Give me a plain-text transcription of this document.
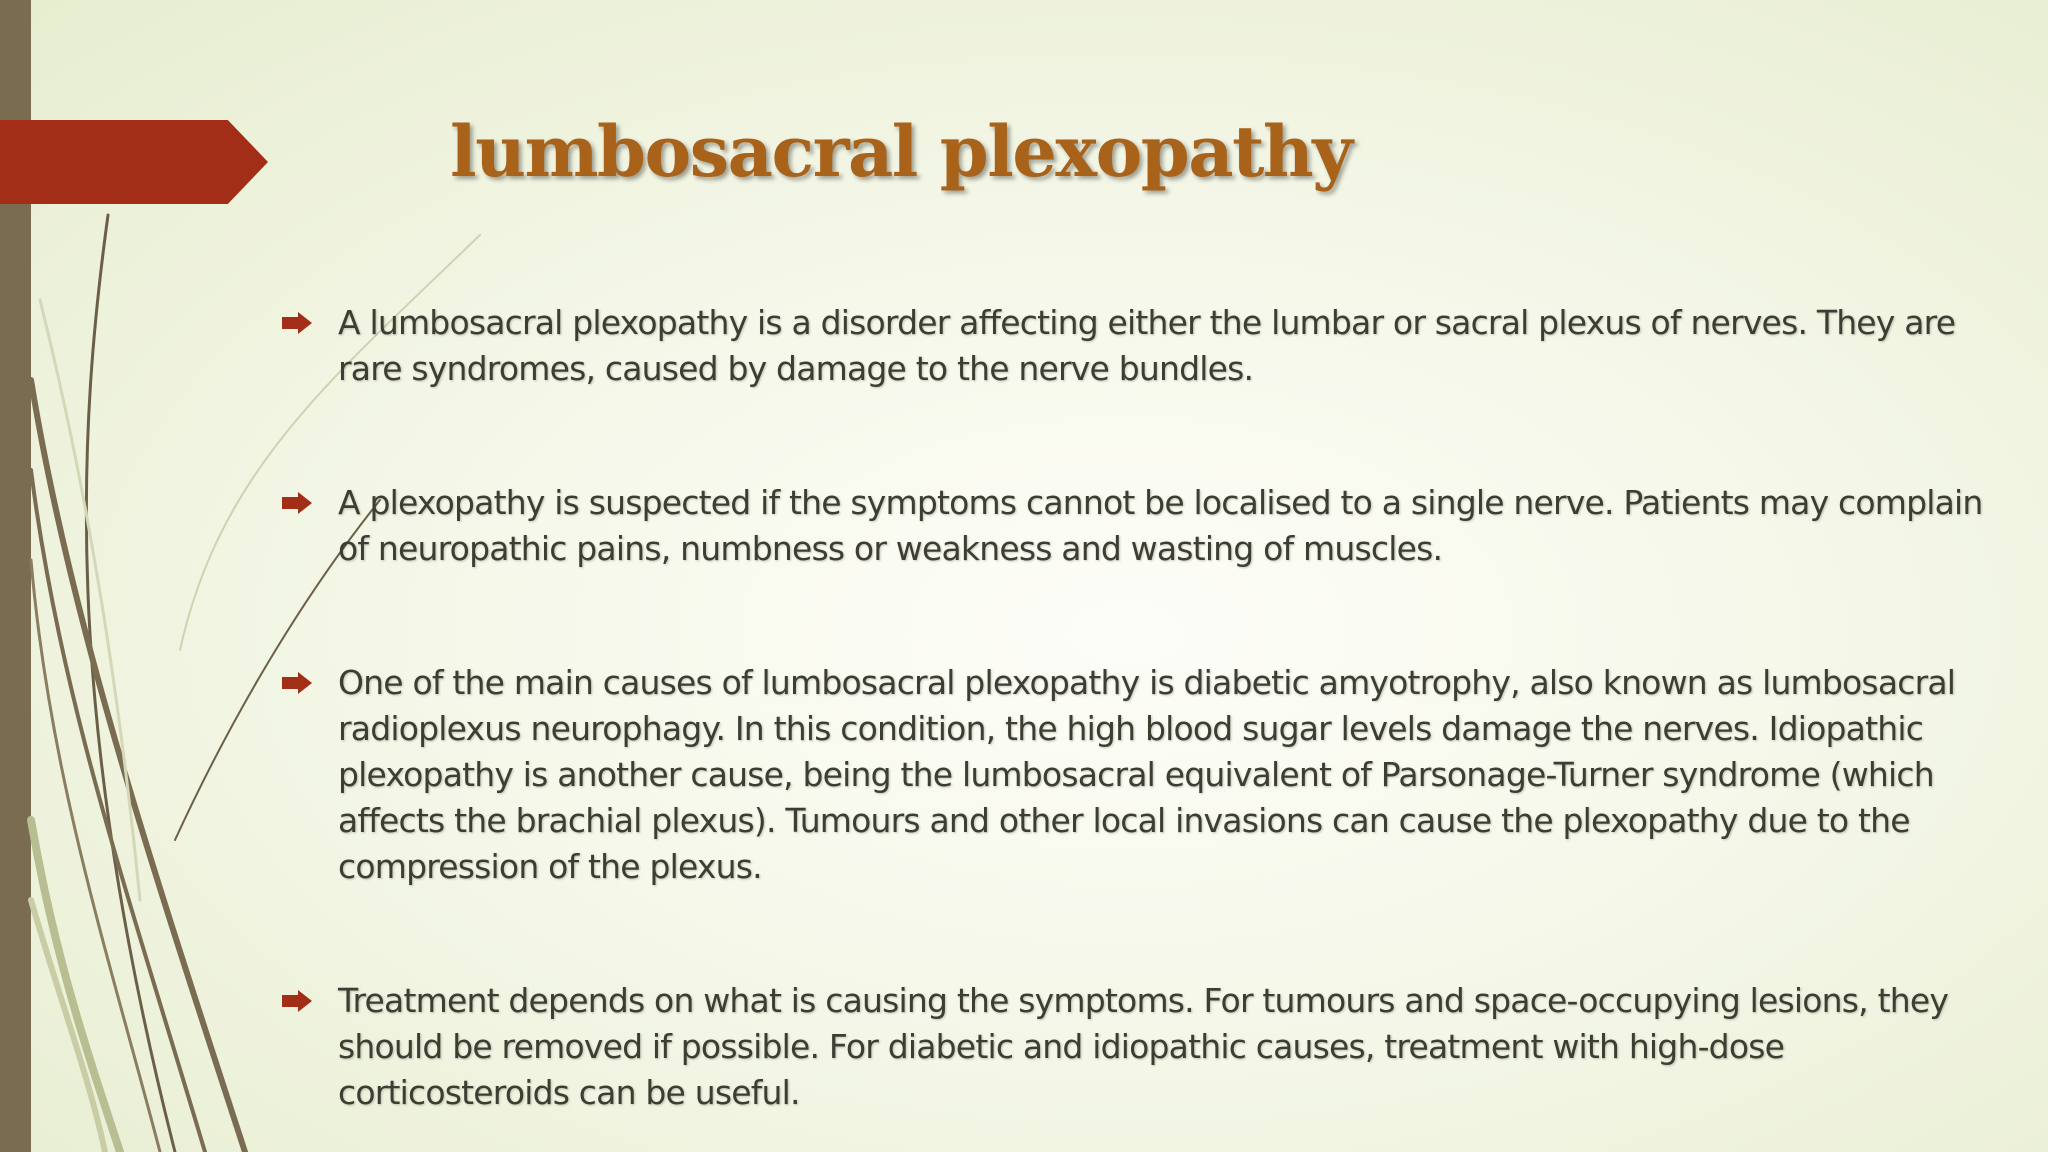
lumbosacral plexopathy
A lumbosacral plexopathy is a disorder affecting either the lumbar or sacral plexus of nerves. They are rare syndromes, caused by damage to the nerve bundles.
A plexopathy is suspected if the symptoms cannot be localised to a single nerve. Patients may complain of neuropathic pains, numbness or weakness and wasting of muscles.
One of the main causes of lumbosacral plexopathy is diabetic amyotrophy, also known as lumbosacral radioplexus neurophagy. In this condition, the high blood sugar levels damage the nerves. Idiopathic plexopathy is another cause, being the lumbosacral equivalent of Parsonage-Turner syndrome (which affects the brachial plexus). Tumours and other local invasions can cause the plexopathy due to the compression of the plexus.
Treatment depends on what is causing the symptoms. For tumours and space-occupying lesions, they should be removed if possible. For diabetic and idiopathic causes, treatment with high-dose corticosteroids can be useful.
